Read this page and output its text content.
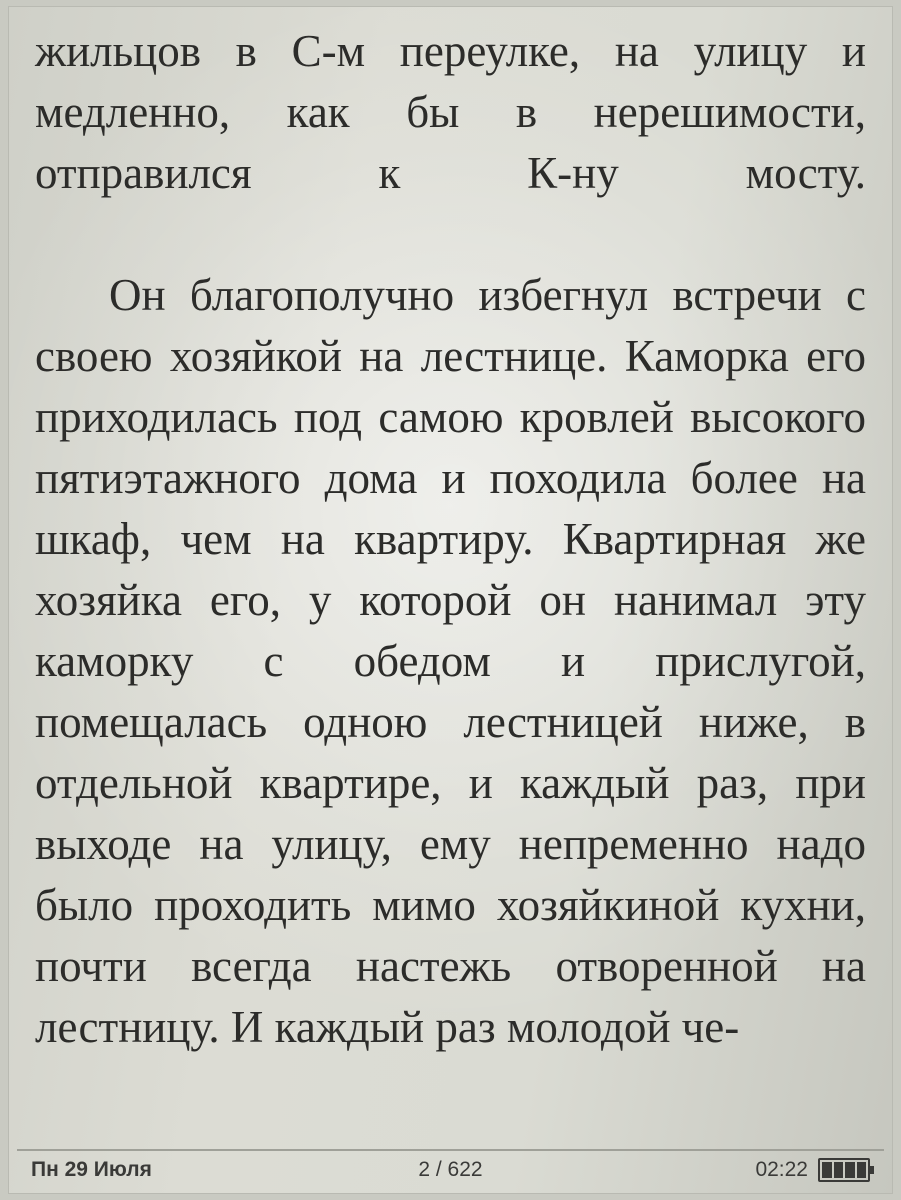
жильцов в С-м переулке, на улицу и медленно, как бы в нерешимости, отправился к К-ну мосту.

Он благополучно избегнул встречи с своею хозяйкой на лестнице. Каморка его приходилась под самою кровлей высокого пятиэтажного дома и походила более на шкаф, чем на квартиру. Квартирная же хозяйка его, у которой он нанимал эту каморку с обедом и прислугой, помещалась одною лестницей ниже, в отдельной квартире, и каждый раз, при выходе на улицу, ему непременно надо было проходить мимо хозяйкиной кухни, почти всегда настежь отворенной на лестницу. И каждый раз молодой че-

Пн 29 Июля	2 / 622	02:22
